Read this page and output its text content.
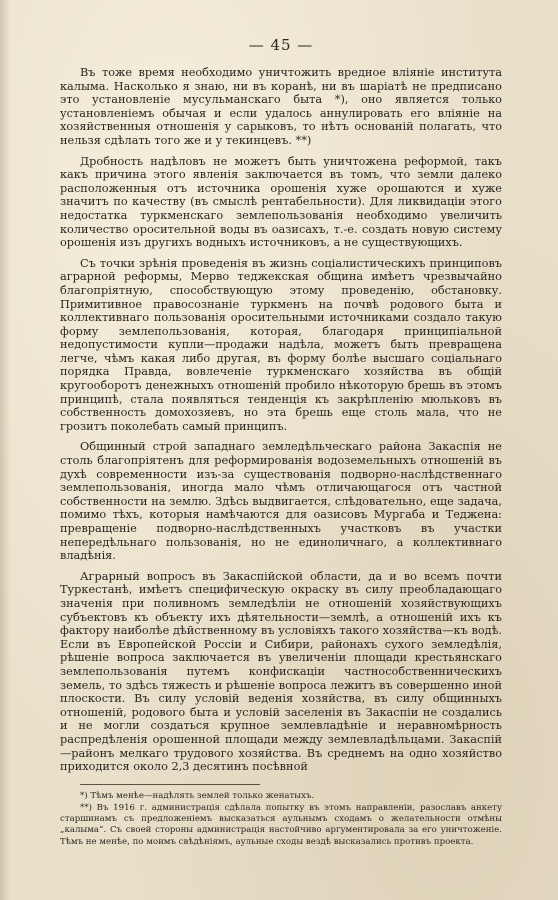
— 45 —

Въ тоже время необходимо уничтожить вредное вліяніе института калыма. Насколько я знаю, ни въ коранѣ, ни въ шаріатѣ не предписано это установленіе мусульманскаго быта *), оно является только установленіемъ обычая и если удалось аннулировать его вліяніе на хозяйственныя отношенія у сарыковъ, то нѣтъ основаній полагать, что нельзя сдѣлать того же и у текинцевъ. **)

Дробность надѣловъ не можетъ быть уничтожена реформой, такъ какъ причина этого явленія заключается въ томъ, что земли далеко расположенныя отъ источника орошенія хуже орошаются и хуже значитъ по качеству (въ смыслѣ рентабельности). Для ликвидаціи этого недостатка туркменскаго землепользованія необходимо увеличить количество оросительной воды въ оазисахъ, т.-е. создать новую систему орошенія изъ другихъ водныхъ источниковъ, а не существующихъ.

Съ точки зрѣнія проведенія въ жизнь соціалистическихъ принциповъ аграрной реформы, Мерво теджекская община имѣетъ чрезвычайно благопріятную, способствующую этому проведенію, обстановку. Примитивное правосознаніе туркменъ на почвѣ родового быта и коллективнаго пользованія оросительными источниками создало такую форму землепользованія, которая, благодаря принципіальной недопустимости купли—продажи надѣла, можетъ быть превращена легче, чѣмъ какая либо другая, въ форму болѣе высшаго соціальнаго порядка Правда, вовлеченіе туркменскаго хозяйства въ общій кругооборотъ денежныхъ отношеній пробило нѣкоторую брешь въ этомъ принципѣ, стала появляться тенденція къ закрѣпленію мюльковъ въ собственность домохозяевъ, но эта брешь еще столь мала, что не грозитъ поколебать самый принципъ.

Общинный строй западнаго земледѣльческаго района Закаспія не столь благопріятенъ для реформированія водоземельныхъ отношеній въ духѣ современности изъ-за существованія подворно-наслѣдственнаго землепользованія, иногда мало чѣмъ отличающагося отъ частной собственности на землю. Здѣсь выдвигается, слѣдовательно, еще задача, помимо тѣхъ, которыя намѣчаются для оазисовъ Мургаба и Теджена: превращеніе подворно-наслѣдственныхъ участковъ въ участки непередѣльнаго пользованія, но не единоличнаго, а коллективнаго владѣнія.

Аграрный вопросъ въ Закаспійской области, да и во всемъ почти Туркестанѣ, имѣетъ специфическую окраску въ силу преобладающаго значенія при поливномъ земледѣліи не отношеній хозяйствующихъ субъектовъ къ объекту ихъ дѣятельности—землѣ, а отношеній ихъ къ фактору наиболѣе дѣйственному въ условіяхъ такого хозяйства—къ водѣ. Если въ Европейской Россіи и Сибири, районахъ сухого земледѣлія, рѣшеніе вопроса заключается въ увеличеніи площади крестьянскаго землепользованія путемъ конфискаціи частнособственническихъ земель, то здѣсь тяжесть и рѣшеніе вопроса лежитъ въ совершенно иной плоскости. Въ силу условій веденія хозяйства, въ силу общинныхъ отношеній, родового быта и условій заселенія въ Закаспіи не создались и не могли создаться крупное землевладѣніе и неравномѣрность распредѣленія орошенной площади между землевладѣльцами. Закаспій—районъ мелкаго трудового хозяйства. Въ среднемъ на одно хозяйство приходится около 2,3 десятинъ посѣвной

*) Тѣмъ менѣе—надѣлять землей только женатыхъ.

**) Въ 1916 г. администрація сдѣлала попытку въ этомъ направленіи, разославъ анкету старшинамъ съ предложеніемъ высказаться аульнымъ сходамъ о желательности отмѣны „калыма“. Съ своей стороны администрація настойчиво аргументировала за его уничтоженіе. Тѣмъ не менѣе, по моимъ свѣдѣніямъ, аульные сходы вездѣ высказались противъ проекта.
